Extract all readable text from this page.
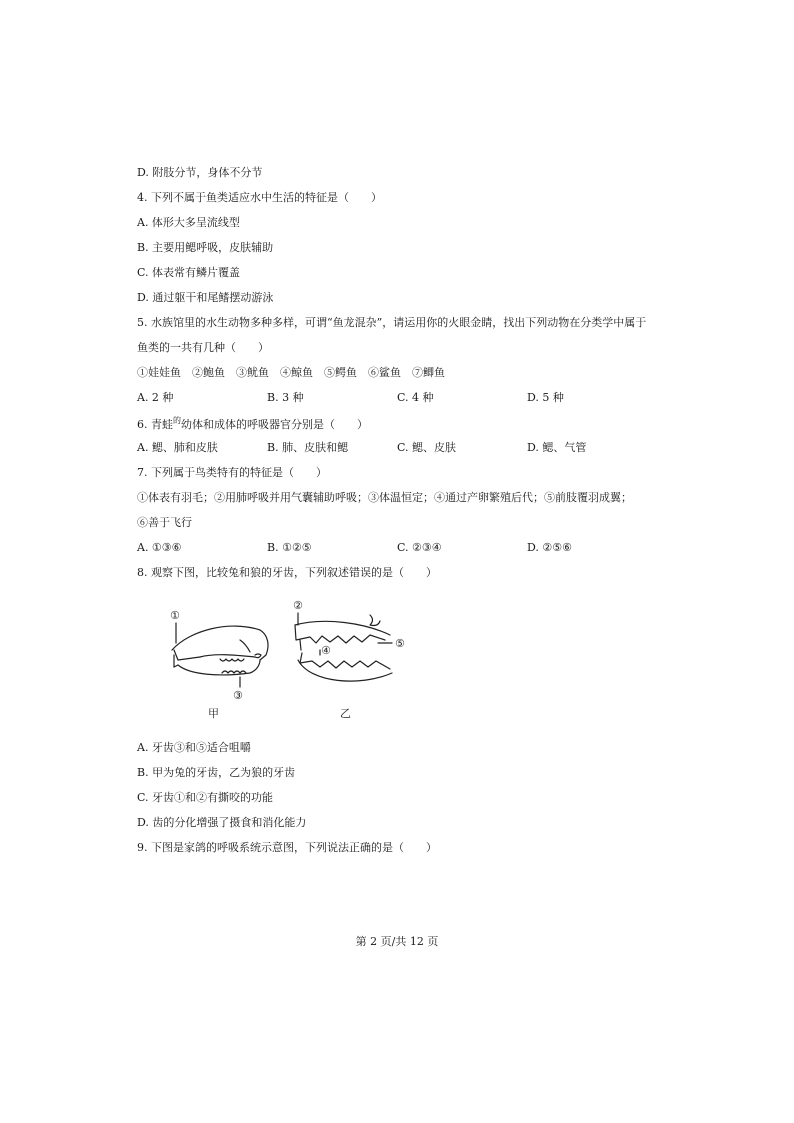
D. 附肢分节，身体不分节
4. 下列不属于鱼类适应水中生活的特征是（　　）
A. 体形大多呈流线型
B. 主要用鳃呼吸，皮肤辅助
C. 体表常有鳞片覆盖
D. 通过躯干和尾鳍摆动游泳
5. 水族馆里的水生动物多种多样，可谓“鱼龙混杂”，请运用你的火眼金睛，找出下列动物在分类学中属于
鱼类的一共有几种（　　）
①娃娃鱼　②鲍鱼　③鱿鱼　④鲸鱼　⑤鳄鱼　⑥鲨鱼　⑦鲫鱼
A. 2 种	B. 3 种	C. 4 种	D. 5 种
6. 青蛙$^的$幼体和成体的呼吸器官分别是（　　）
A. 鳃、肺和皮肤	B. 肺、皮肤和鳃	C. 鳃、皮肤	D. 鳃、气管
7. 下列属于鸟类特有的特征是（　　）
①体表有羽毛；②用肺呼吸并用气囊辅助呼吸；③体温恒定；④通过产卵繁殖后代；⑤前肢覆羽成翼；
⑥善于飞行
A. ①③⑥	B. ①②⑤	C. ②③④	D. ②⑤⑥
8. 观察下图，比较兔和狼的牙齿，下列叙述错误的是（　　）
①
②
③
④
⑤
甲	乙
A. 牙齿③和⑤适合咀嚼
B. 甲为兔的牙齿，乙为狼的牙齿
C. 牙齿①和②有撕咬的功能
D. 齿的分化增强了摄食和消化能力
9. 下图是家鸽的呼吸系统示意图，下列说法正确的是（　　）
第 2 页/共 12 页
